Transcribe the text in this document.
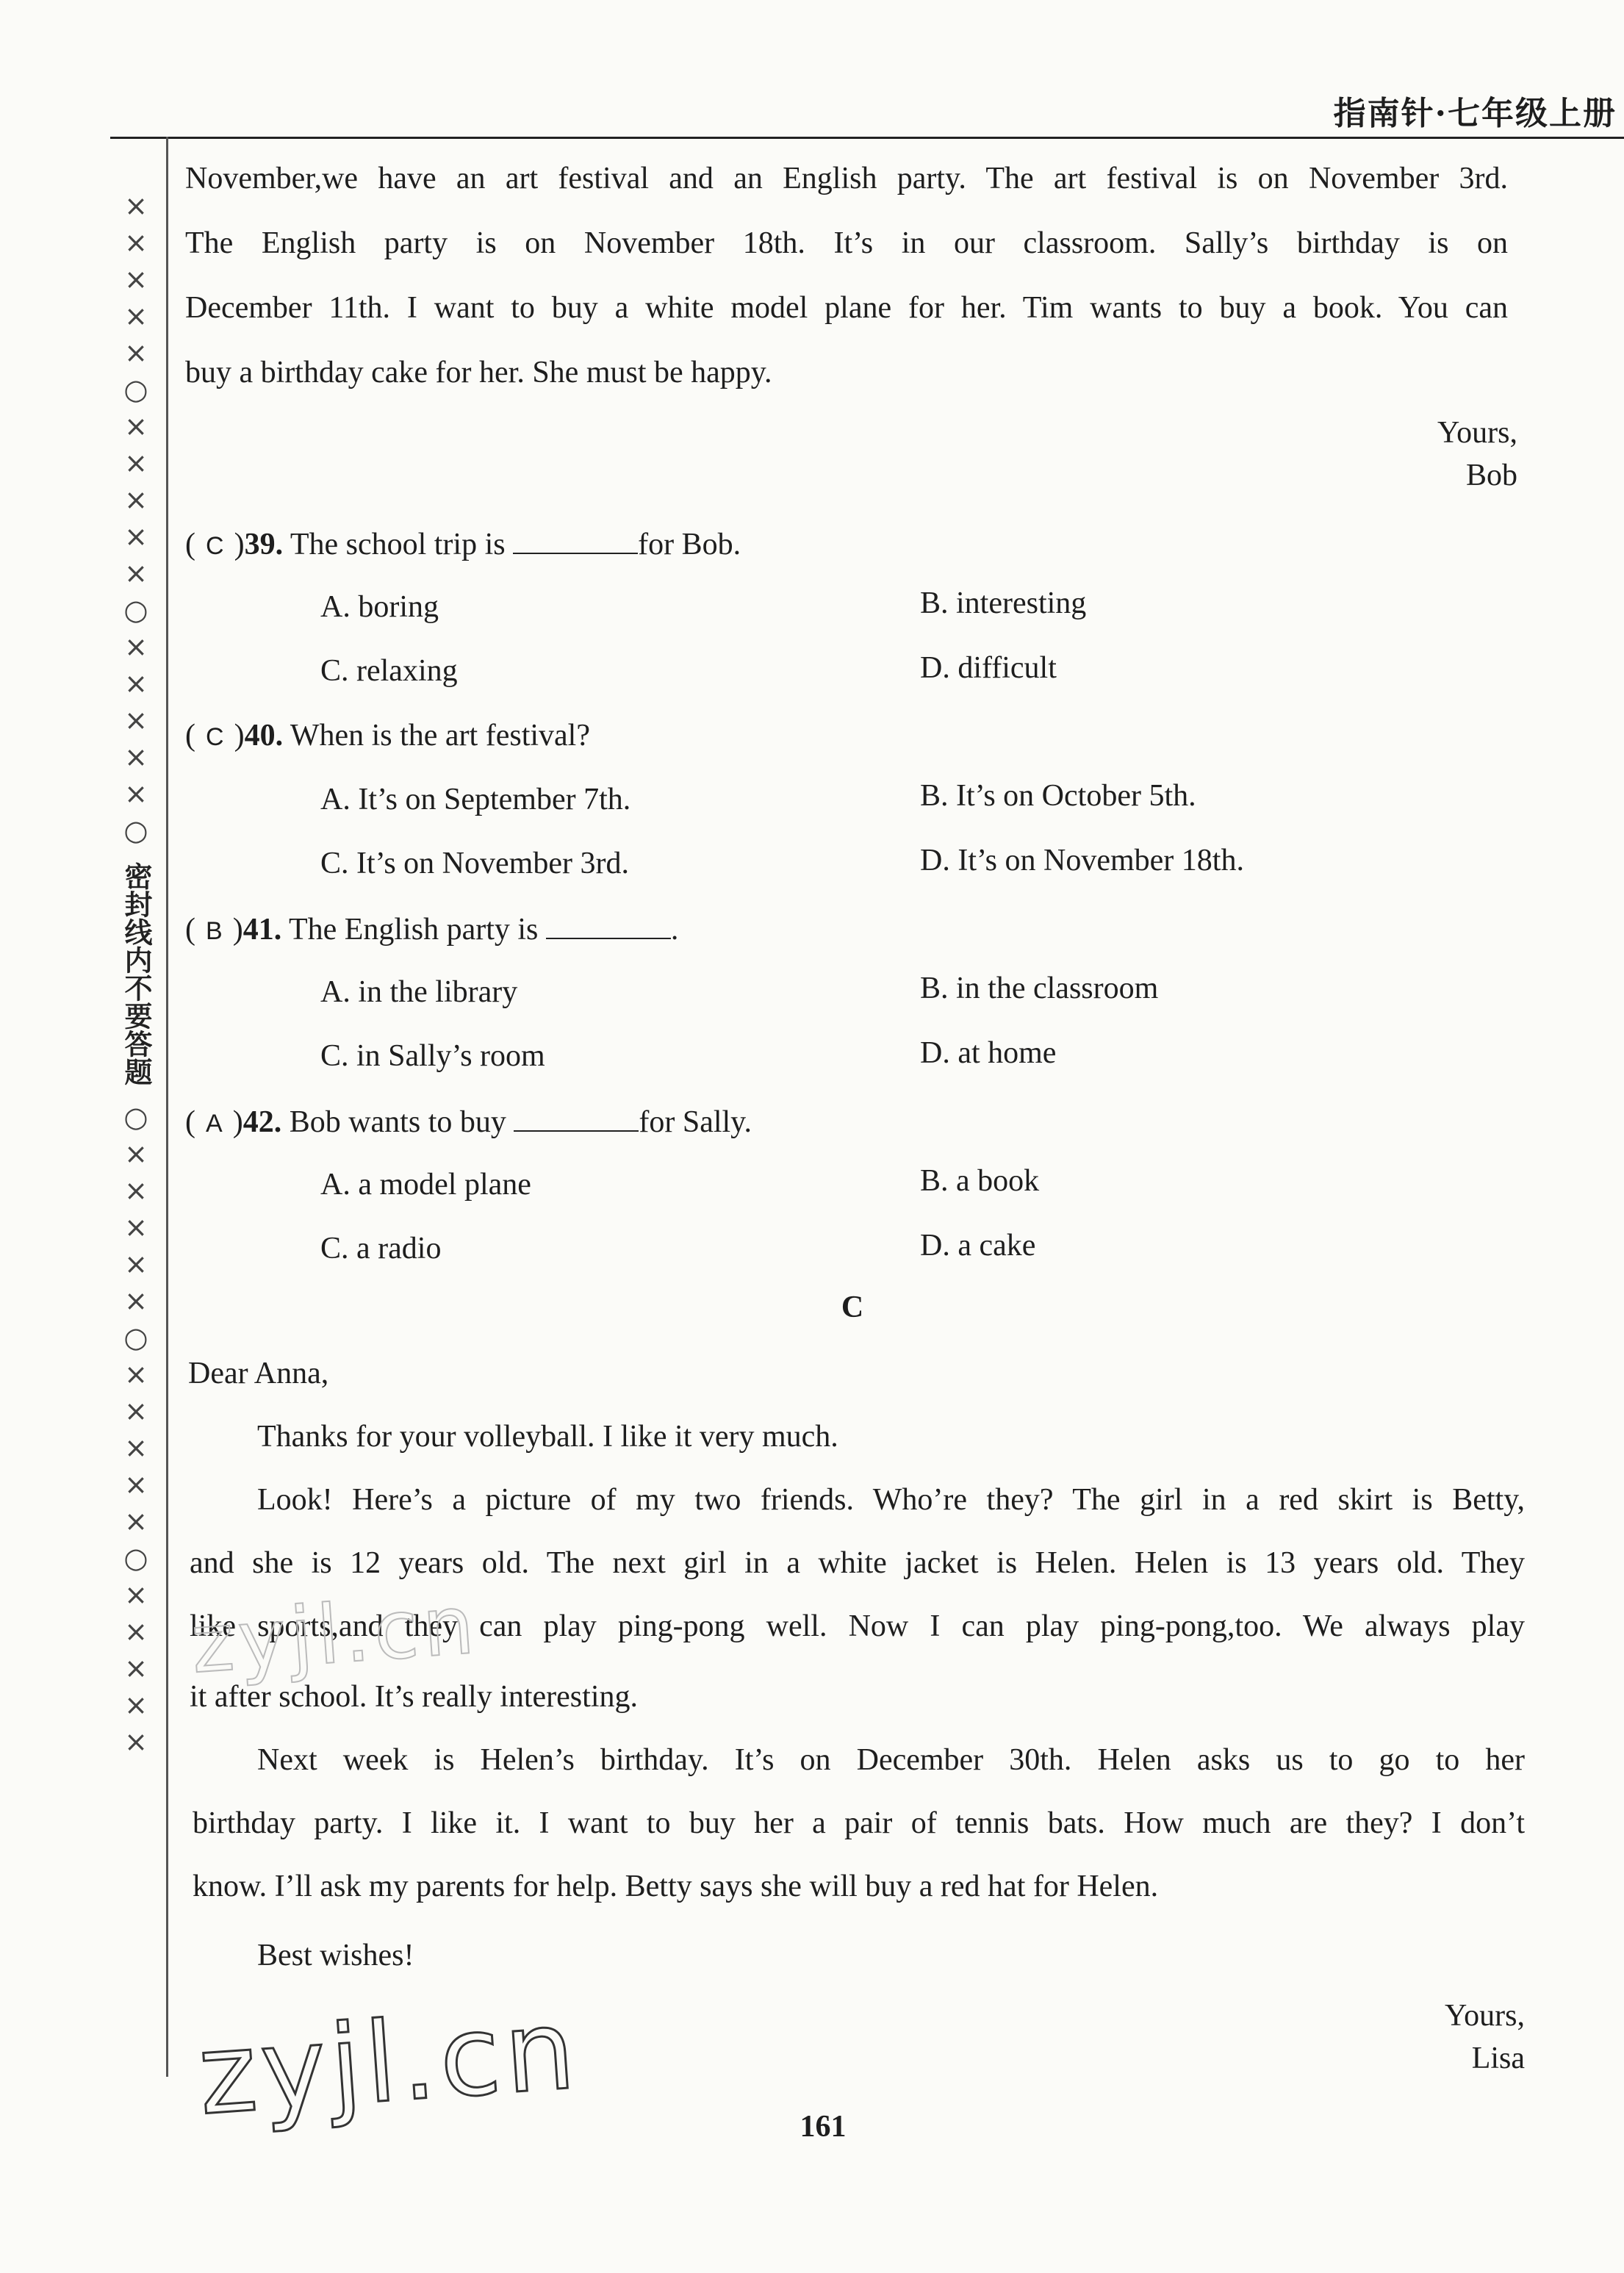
指南针·七年级上册
×
×
×
×
×
○
×
×
×
×
×
○
×
×
×
×
×
○
密封线内不要答题
○
×
×
×
×
×
○
×
×
×
×
×
○
×
×
×
×
×
November,we have an art festival and an English party. The art festival is on November 3rd.
The English party is on November 18th. It’s in our classroom. Sally’s birthday is on
December 11th. I want to buy a white model plane for her. Tim wants to buy a book. You can
buy a birthday cake for her. She must be happy.
Yours,
Bob
( C )39. The school trip is	for Bob.
A. boring	B. interesting
C. relaxing	D. difficult
( C )40. When is the art festival?
A. It’s on September 7th.	B. It’s on October 5th.
C. It’s on November 3rd.	D. It’s on November 18th.
( B )41. The English party is	.
A. in the library	B. in the classroom
C. in Sally’s room	D. at home
( A )42. Bob wants to buy	for Sally.
A. a model plane	B. a book
C. a radio	D. a cake
C
Dear Anna,
Thanks for your volleyball. I like it very much.
Look! Here’s a picture of my two friends. Who’re they? The girl in a red skirt is Betty,
and she is 12 years old. The next girl in a white jacket is Helen. Helen is 13 years old. They
like sports,and they can play ping-pong well. Now I can play ping-pong,too. We always play
it after school. It’s really interesting.
Next week is Helen’s birthday. It’s on December 30th. Helen asks us to go to her
birthday party. I like it. I want to buy her a pair of tennis bats. How much are they? I don’t
know. I’ll ask my parents for help. Betty says she will buy a red hat for Helen.
Best wishes!
Yours,
Lisa
zyjl.cn
zyjl.cn	161
